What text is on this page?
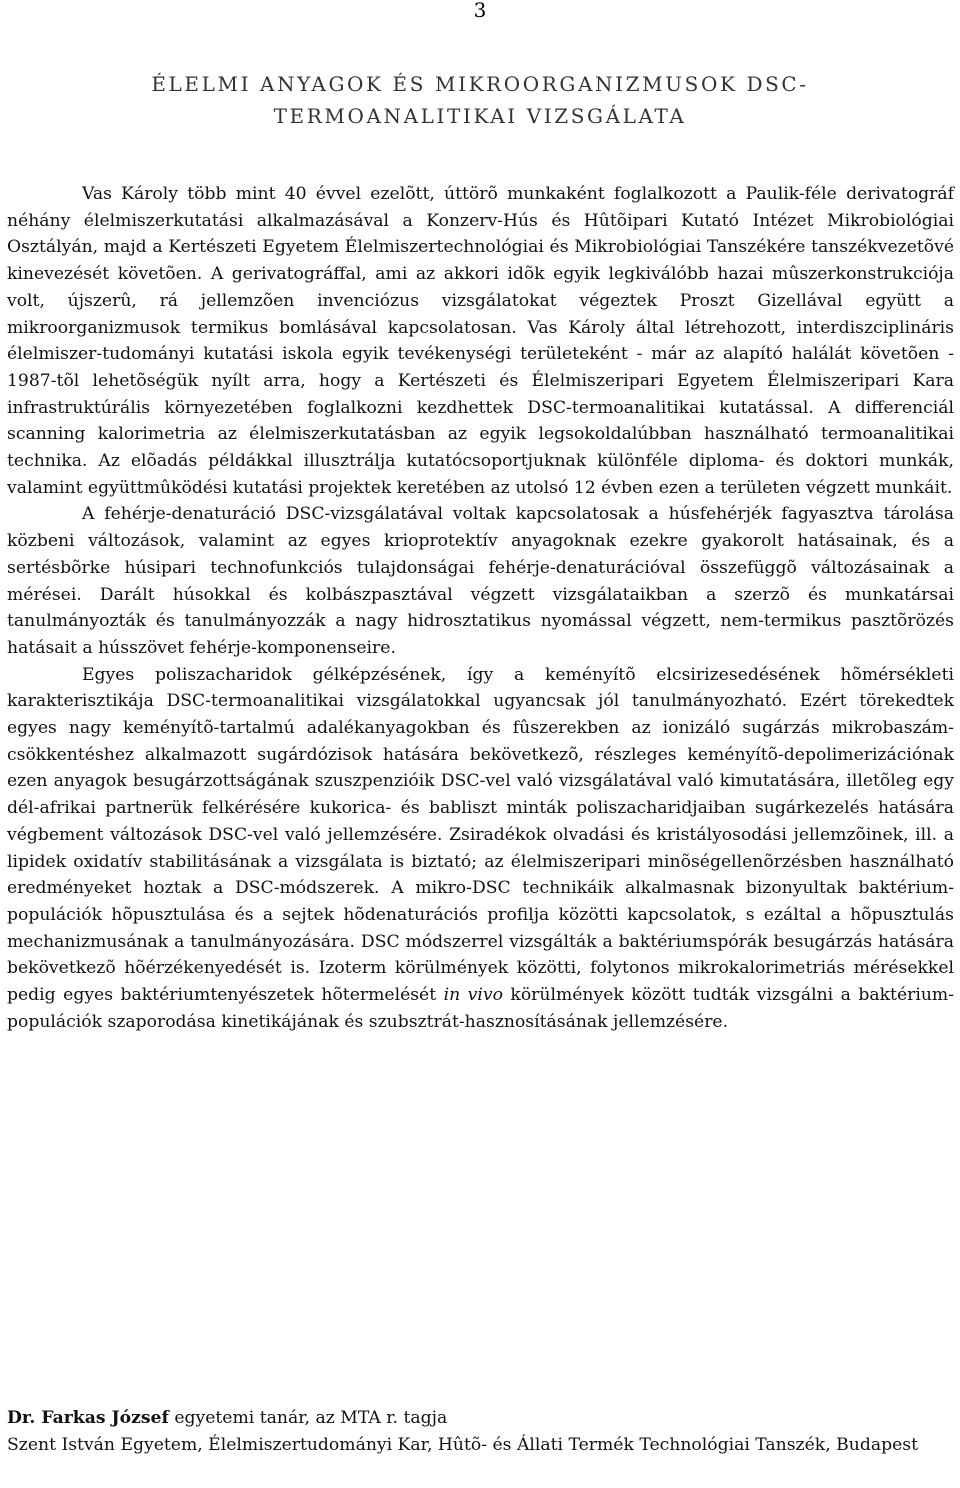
3
ÉLELMI ANYAGOK ÉS MIKROORGANIZMUSOK DSC-
TERMOANALITIKAI VIZSGÁLATA

Vas Károly több mint 40 évvel ezelõtt, úttörõ munkaként foglalkozott a Paulik-féle derivatográf néhány élelmiszerkutatási alkalmazásával a Konzerv-Hús és Hûtõipari Kutató Intézet Mikrobiológiai Osztályán, majd a Kertészeti Egyetem Élelmiszertechnológiai és Mikrobiológiai Tanszékére tanszékvezetõvé kinevezését követõen. A gerivatográffal, ami az akkori idõk egyik legkiválóbb hazai mûszerkonstrukciója volt, újszerû, rá jellemzõen invenciózus vizsgálatokat végeztek Proszt Gizellával együtt a mikroorganizmusok termikus bomlásával kapcsolatosan. Vas Károly által létrehozott, interdiszciplináris élelmiszer-tudományi kutatási iskola egyik tevékenységi területeként - már az alapító halálát követõen - 1987-tõl lehetõségük nyílt arra, hogy a Kertészeti és Élelmiszeripari Egyetem Élelmiszeripari Kara infrastruktúrális környezetében foglalkozni kezdhettek DSC-termoanalitikai kutatással. A differenciál scanning kalorimetria az élelmiszerkutatásban az egyik legsokoldalúbban használható termoanalitikai technika. Az elõadás példákkal illusztrálja kutatócsoportjuknak különféle diploma- és doktori munkák, valamint együttmûködési kutatási projektek keretében az utolsó 12 évben ezen a területen végzett munkáit.

A fehérje-denaturáció DSC-vizsgálatával voltak kapcsolatosak a húsfehérjék fagyasztva tárolása közbeni változások, valamint az egyes krioprotektív anyagoknak ezekre gyakorolt hatásainak, és a sertésbõrke húsipari technofunkciós tulajdonságai fehérje-denaturációval összefüggõ változásainak a mérései. Darált húsokkal és kolbászpasztával végzett vizsgálataikban a szerzõ és munkatársai tanulmányozták és tanulmányozzák a nagy hidrosztatikus nyomással végzett, nem-termikus pasztõrözés hatásait a hússzövet fehérje-komponenseire.

Egyes poliszacharidok gélképzésének, így a keményítõ elcsirizesedésének hõmérsékleti karakterisztikája DSC-termoanalitikai vizsgálatokkal ugyancsak jól tanulmányozható. Ezért törekedtek egyes nagy keményítõ-tartalmú adalékanyagokban és fûszerekben az ionizáló sugárzás mikrobaszám-csökkentéshez alkalmazott sugárdózisok hatására bekövetkezõ, részleges keményítõ-depolimerizációnak ezen anyagok besugárzottságának szuszpenzióik DSC-vel való vizsgálatával való kimutatására, illetõleg egy dél-afrikai partnerük felkérésére kukorica- és babliszt minták poliszacharidjaiban sugárkezelés hatására végbement változások DSC-vel való jellemzésére. Zsiradékok olvadási és kristályosodási jellemzõinek, ill. a lipidek oxidatív stabilitásának a vizsgálata is biztató; az élelmiszeripari minõségellenõrzésben használható eredményeket hoztak a DSC-módszerek. A mikro-DSC technikáik alkalmasnak bizonyultak baktérium-populációk hõpusztulása és a sejtek hõdenaturációs profilja közötti kapcsolatok, s ezáltal a hõpusztulás mechanizmusának a tanulmányozására. DSC módszerrel vizsgálták a baktériumspórák besugárzás hatására bekövetkezõ hõérzékenyedését is. Izoterm körülmények közötti, folytonos mikrokalorimetriás mérésekkel pedig egyes baktériumtenyészetek hõtermelését in vivo körülmények között tudták vizsgálni a baktérium-populációk szaporodása kinetikájának és szubsztrát-hasznosításának jellemzésére.

Dr. Farkas József egyetemi tanár, az MTA r. tagja
Szent István Egyetem, Élelmiszertudományi Kar, Hûtõ- és Állati Termék Technológiai Tanszék, Budapest
